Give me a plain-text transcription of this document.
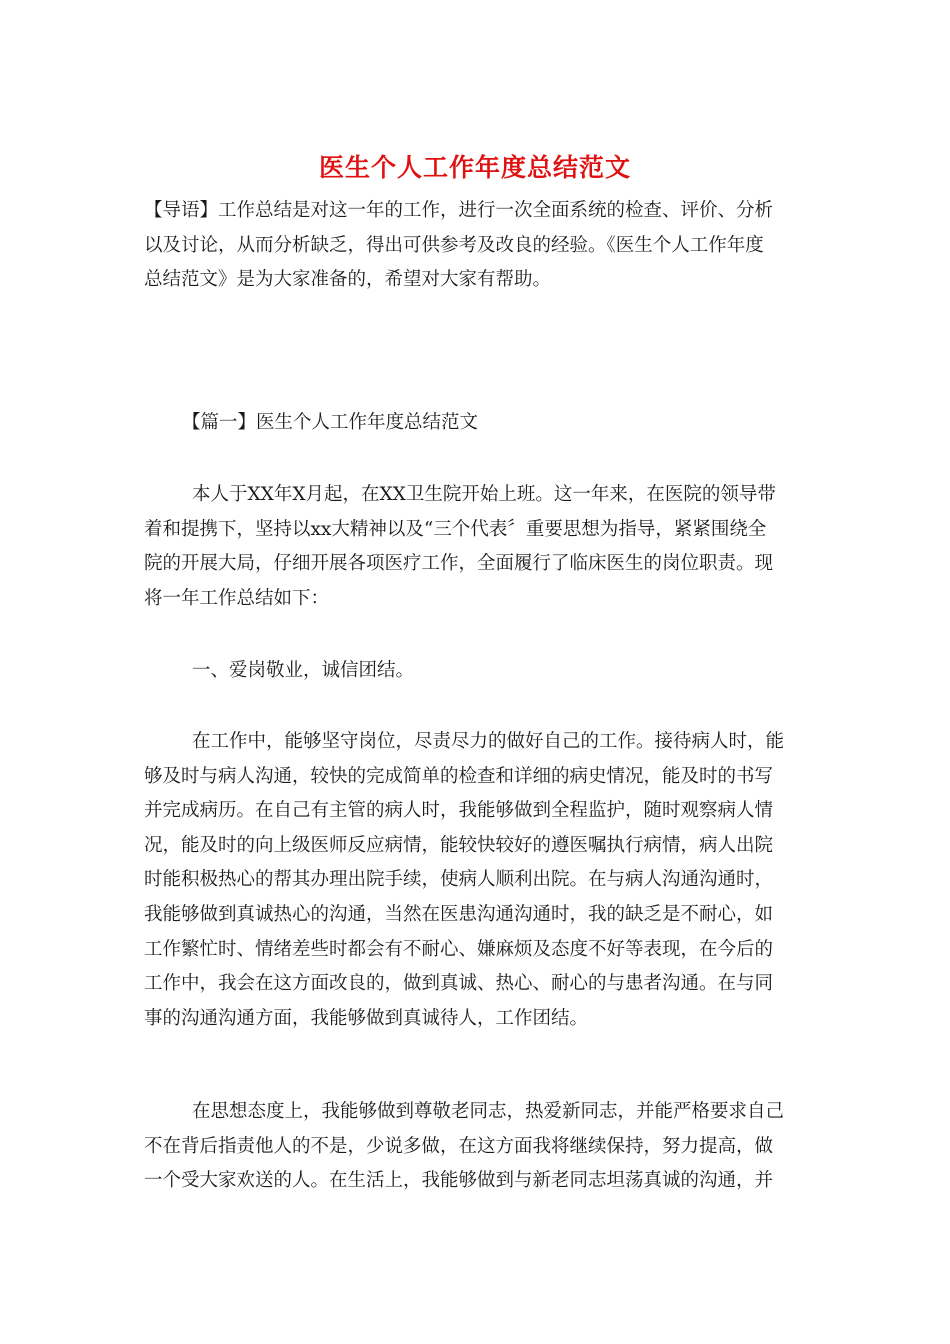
医生个人工作年度总结范文
【导语】工作总结是对这一年的工作，进行一次全面系统的检查、评价、分析
以及讨论，从而分析缺乏，得出可供参考及改良的经验。《医生个人工作年度
总结范文》是为大家准备的，希望对大家有帮助。
【篇一】医生个人工作年度总结范文
本人于XX年X月起，在XX卫生院开始上班。这一年来，在医院的领导带
着和提携下，坚持以xx大精神以及“三个代表〞重要思想为指导，紧紧围绕全
院的开展大局，仔细开展各项医疗工作，全面履行了临床医生的岗位职责。现
将一年工作总结如下：
一、爱岗敬业，诚信团结。
在工作中，能够坚守岗位，尽责尽力的做好自己的工作。接待病人时，能
够及时与病人沟通，较快的完成简单的检查和详细的病史情况，能及时的书写
并完成病历。在自己有主管的病人时，我能够做到全程监护，随时观察病人情
况，能及时的向上级医师反应病情，能较快较好的遵医嘱执行病情，病人出院
时能积极热心的帮其办理出院手续，使病人顺利出院。在与病人沟通沟通时，
我能够做到真诚热心的沟通，当然在医患沟通沟通时，我的缺乏是不耐心，如
工作繁忙时、情绪差些时都会有不耐心、嫌麻烦及态度不好等表现，在今后的
工作中，我会在这方面改良的，做到真诚、热心、耐心的与患者沟通。在与同
事的沟通沟通方面，我能够做到真诚待人，工作团结。
在思想态度上，我能够做到尊敬老同志，热爱新同志，并能严格要求自己
不在背后指责他人的不是，少说多做，在这方面我将继续保持，努力提高，做
一个受大家欢送的人。在生活上，我能够做到与新老同志坦荡真诚的沟通，并
